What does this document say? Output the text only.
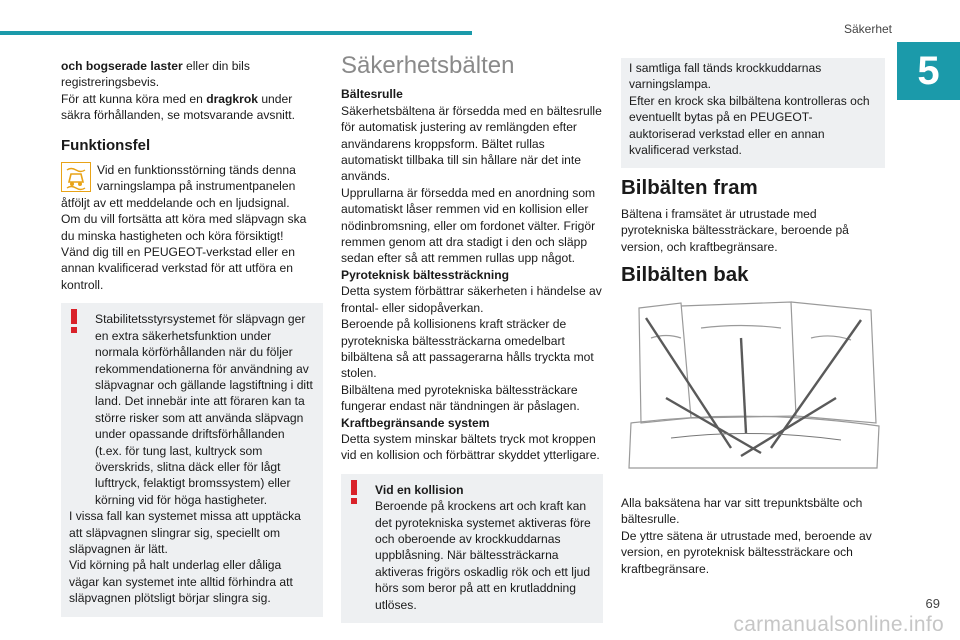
Säkerhet
5

och bogserade laster eller din bils registreringsbevis.

För att kunna köra med en dragkrok under säkra förhållanden, se motsvarande avsnitt.

Funktionsfel

Vid en funktionsstörning tänds denna varningslampa på instrumentpanelen åtföljt av ett meddelande och en ljudsignal.

Om du vill fortsätta att köra med släpvagn ska du minska hastigheten och köra försiktigt!

Vänd dig till en PEUGEOT-verkstad eller en annan kvalificerad verkstad för att utföra en kontroll.

Stabilitetsstyrsystemet för släpvagn ger en extra säkerhetsfunktion under normala körförhållanden när du följer rekommendationerna för användning av släpvagnar och gällande lagstiftning i ditt land. Det innebär inte att föraren kan ta större risker som att använda släpvagn under opassande driftsförhållanden (t.ex. för tung last, kultryck som överskrids, slitna däck eller för lågt lufttryck, felaktigt bromssystem) eller körning vid för höga hastigheter.

I vissa fall kan systemet missa att upptäcka att släpvagnen slingrar sig, speciellt om släpvagnen är lätt.

Vid körning på halt underlag eller dåliga vägar kan systemet inte alltid förhindra att släpvagnen plötsligt börjar slingra sig.

Säkerhetsbälten

Bältesrulle

Säkerhetsbältena är försedda med en bältesrulle för automatisk justering av remlängden efter användarens kroppsform. Bältet rullas automatiskt tillbaka till sin hållare när det inte används.

Upprullarna är försedda med en anordning som automatiskt låser remmen vid en kollision eller nödinbromsning, eller om fordonet välter. Frigör remmen genom att dra stadigt i den och släpp sedan efter så att remmen rullas upp något.

Pyroteknisk bältessträckning

Detta system förbättrar säkerheten i händelse av frontal- eller sidopåverkan.

Beroende på kollisionens kraft sträcker de pyrotekniska bältessträckarna omedelbart bilbältena så att passagerarna hålls tryckta mot stolen.

Bilbältena med pyrotekniska bältessträckare fungerar endast när tändningen är påslagen.

Kraftbegränsande system

Detta system minskar bältets tryck mot kroppen vid en kollision och förbättrar skyddet ytterligare.

Vid en kollision

Beroende på krockens art och kraft kan det pyrotekniska systemet aktiveras före och oberoende av krockkuddarnas uppblåsning. När bältessträckarna aktiveras frigörs oskadlig rök och ett ljud hörs som beror på att en krutladdning utlöses.

I samtliga fall tänds krockkuddarnas varningslampa.

Efter en krock ska bilbältena kontrolleras och eventuellt bytas på en PEUGEOT-auktoriserad verkstad eller en annan kvalificerad verkstad.

Bilbälten fram

Bältena i framsätet är utrustade med pyrotekniska bältessträckare, beroende på version, och kraftbegränsare.

Bilbälten bak

Alla baksätena har var sitt trepunktsbälte och bältesrulle.

De yttre sätena är utrustade med, beroende av version, en pyroteknisk bältessträckare och kraftbegränsare.

carmanualsonline.info
69
